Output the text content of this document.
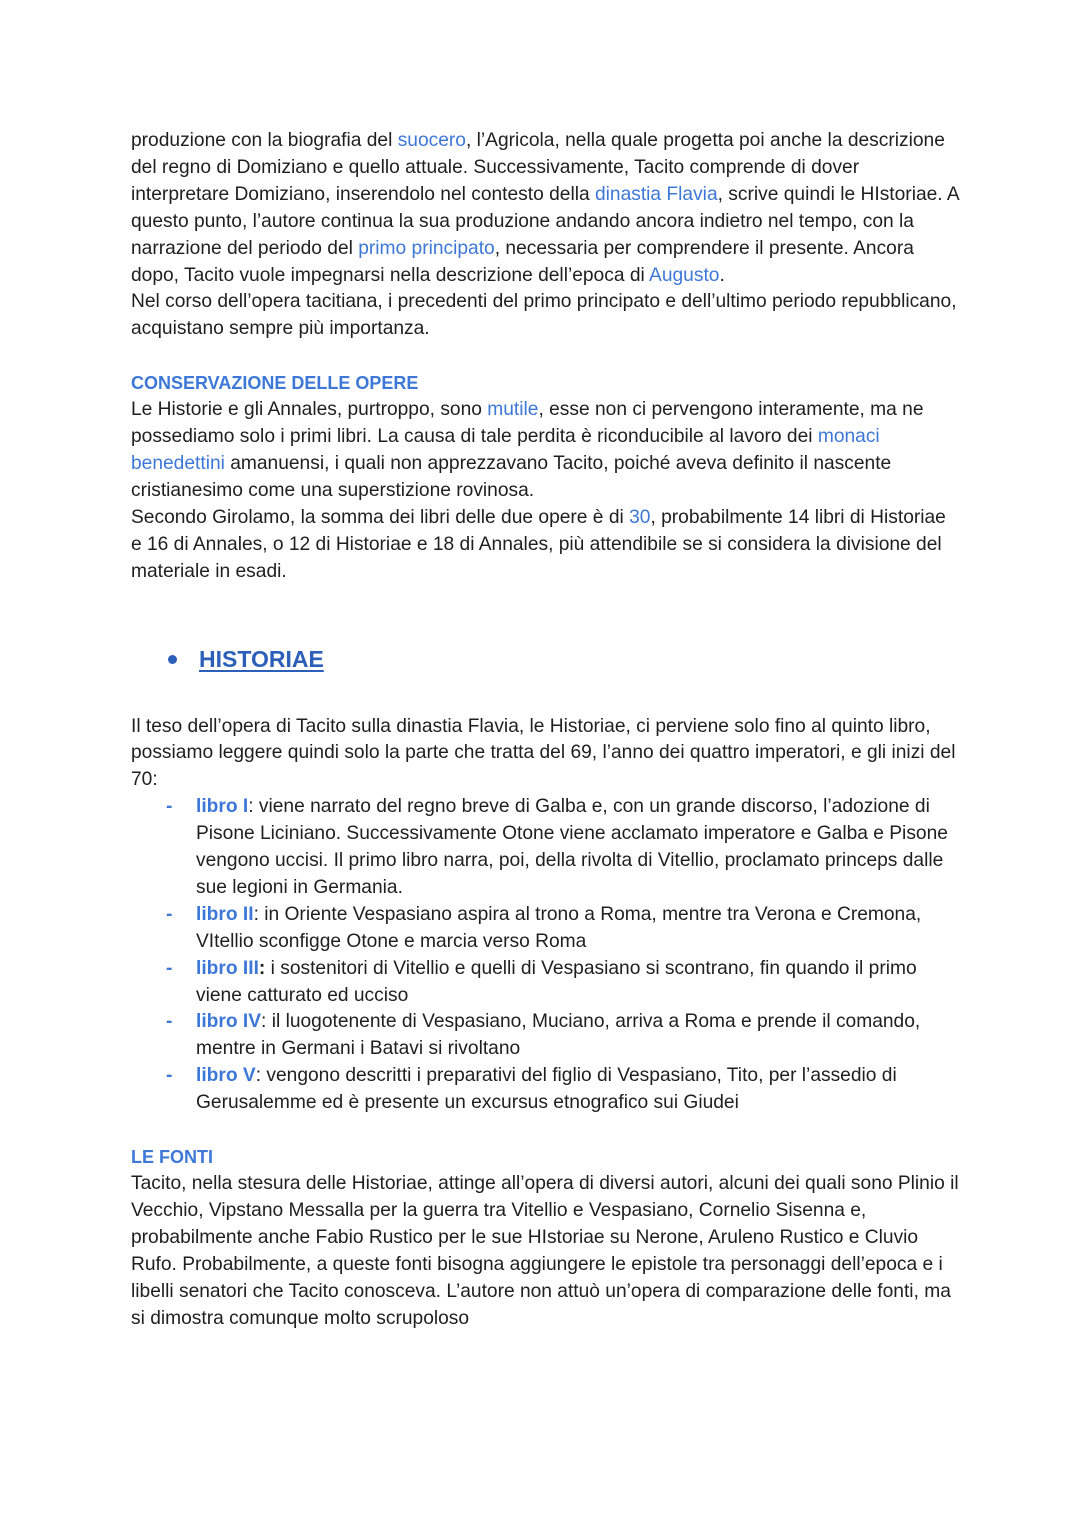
produzione con la biografia del suocero, l’Agricola, nella quale progetta poi anche la descrizione del regno di Domiziano e quello attuale. Successivamente, Tacito comprende di dover interpretare Domiziano, inserendolo nel contesto della dinastia Flavia, scrive quindi le HIstoriae. A questo punto, l’autore continua la sua produzione andando ancora indietro nel tempo, con la narrazione del periodo del primo principato, necessaria per comprendere il presente. Ancora dopo, Tacito vuole impegnarsi nella descrizione dell’epoca di Augusto.

Nel corso dell’opera tacitiana, i precedenti del primo principato e dell’ultimo periodo repubblicano, acquistano sempre più importanza.

CONSERVAZIONE DELLE OPERE

Le Historie e gli Annales, purtroppo, sono mutile, esse non ci pervengono interamente, ma ne possediamo solo i primi libri. La causa di tale perdita è riconducibile al lavoro dei monaci benedettini amanuensi, i quali non apprezzavano Tacito, poiché aveva definito il nascente cristianesimo come una superstizione rovinosa.

Secondo Girolamo, la somma dei libri delle due opere è di 30, probabilmente 14 libri di Historiae e 16 di Annales, o 12 di Historiae e 18 di Annales, più attendibile se si considera la divisione del materiale in esadi.

HISTORIAE

Il teso dell’opera di Tacito sulla dinastia Flavia, le Historiae, ci perviene solo fino al quinto libro, possiamo leggere quindi solo la parte che tratta del 69, l’anno dei quattro imperatori, e gli inizi del 70:

- libro I: viene narrato del regno breve di Galba e, con un grande discorso, l’adozione di Pisone Liciniano. Successivamente Otone viene acclamato imperatore e Galba e Pisone vengono uccisi. Il primo libro narra, poi, della rivolta di Vitellio, proclamato princeps dalle sue legioni in Germania.
- libro II: in Oriente Vespasiano aspira al trono a Roma, mentre tra Verona e Cremona, VItellio sconfigge Otone e marcia verso Roma
- libro III: i sostenitori di Vitellio e quelli di Vespasiano si scontrano, fin quando il primo viene catturato ed ucciso
- libro IV: il luogotenente di Vespasiano, Muciano, arriva a Roma e prende il comando, mentre in Germani i Batavi si rivoltano
- libro V: vengono descritti i preparativi del figlio di Vespasiano, Tito, per l’assedio di Gerusalemme ed è presente un excursus etnografico sui Giudei

LE FONTI

Tacito, nella stesura delle Historiae, attinge all’opera di diversi autori, alcuni dei quali sono Plinio il Vecchio, Vipstano Messalla per la guerra tra Vitellio e Vespasiano, Cornelio Sisenna e, probabilmente anche Fabio Rustico per le sue HIstoriae su Nerone, Aruleno Rustico e Cluvio Rufo. Probabilmente, a queste fonti bisogna aggiungere le epistole tra personaggi dell’epoca e i libelli senatori che Tacito conosceva. L’autore non attuò un’opera di comparazione delle fonti, ma si dimostra comunque molto scrupoloso
